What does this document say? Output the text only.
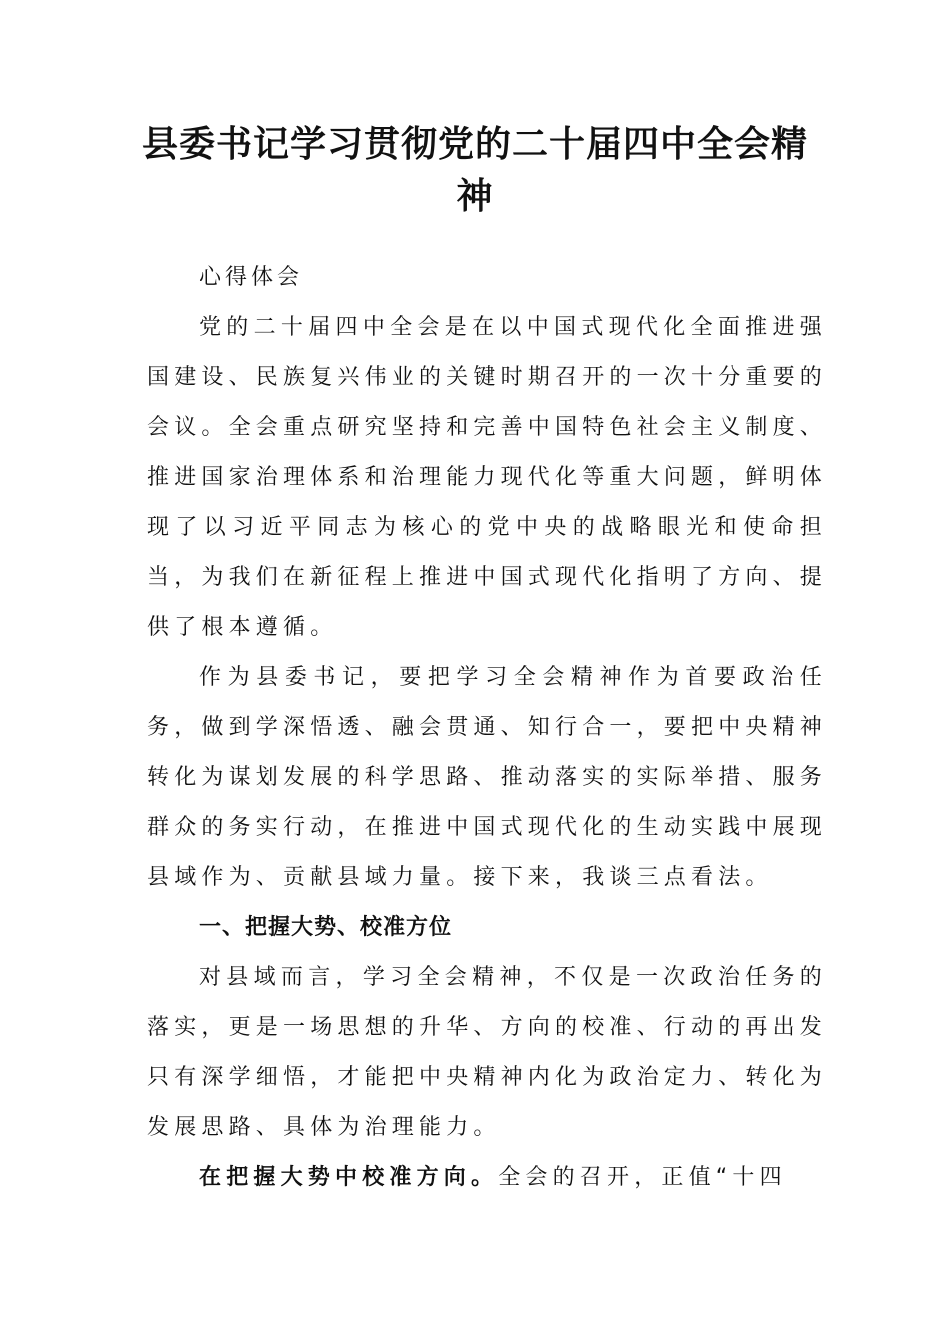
县委书记学习贯彻党的二十届四中全会精
神

心得体会

党的二十届四中全会是在以中国式现代化全面推进强国建设、民族复兴伟业的关键时期召开的一次十分重要的会议。全会重点研究坚持和完善中国特色社会主义制度、推进国家治理体系和治理能力现代化等重大问题，鲜明体现了以习近平同志为核心的党中央的战略眼光和使命担当，为我们在新征程上推进中国式现代化指明了方向、提供了根本遵循。

作为县委书记，要把学习全会精神作为首要政治任务，做到学深悟透、融会贯通、知行合一，要把中央精神转化为谋划发展的科学思路、推动落实的实际举措、服务群众的务实行动，在推进中国式现代化的生动实践中展现县域作为、贡献县域力量。接下来，我谈三点看法。

一、把握大势、校准方位

对县域而言，学习全会精神，不仅是一次政治任务的落实，更是一场思想的升华、方向的校准、行动的再出发只有深学细悟，才能把中央精神内化为政治定力、转化为发展思路、具体为治理能力。

在把握大势中校准方向。全会的召开，正值“十四
